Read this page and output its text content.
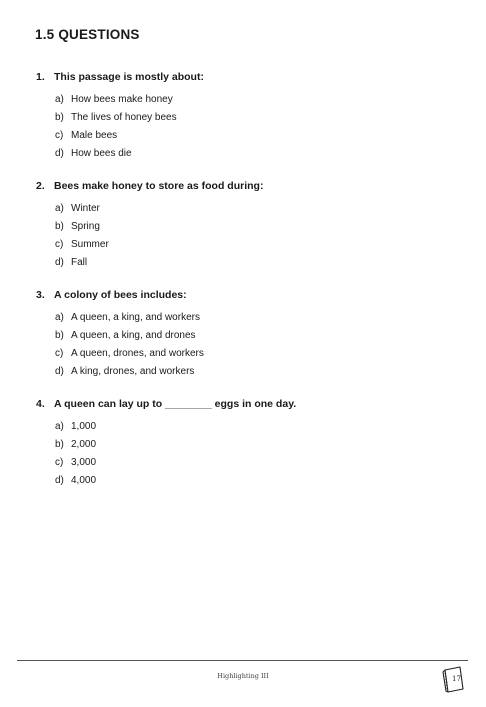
1.5 QUESTIONS
1. This passage is mostly about:
a) How bees make honey
b) The lives of honey bees
c) Male bees
d) How bees die
2. Bees make honey to store as food during:
a) Winter
b) Spring
c) Summer
d) Fall
3. A colony of bees includes:
a) A queen, a king, and workers
b) A queen, a king, and drones
c) A queen, drones, and workers
d) A king, drones, and workers
4. A queen can lay up to ________ eggs in one day.
a) 1,000
b) 2,000
c) 3,000
d) 4,000
Highlighting III	17
